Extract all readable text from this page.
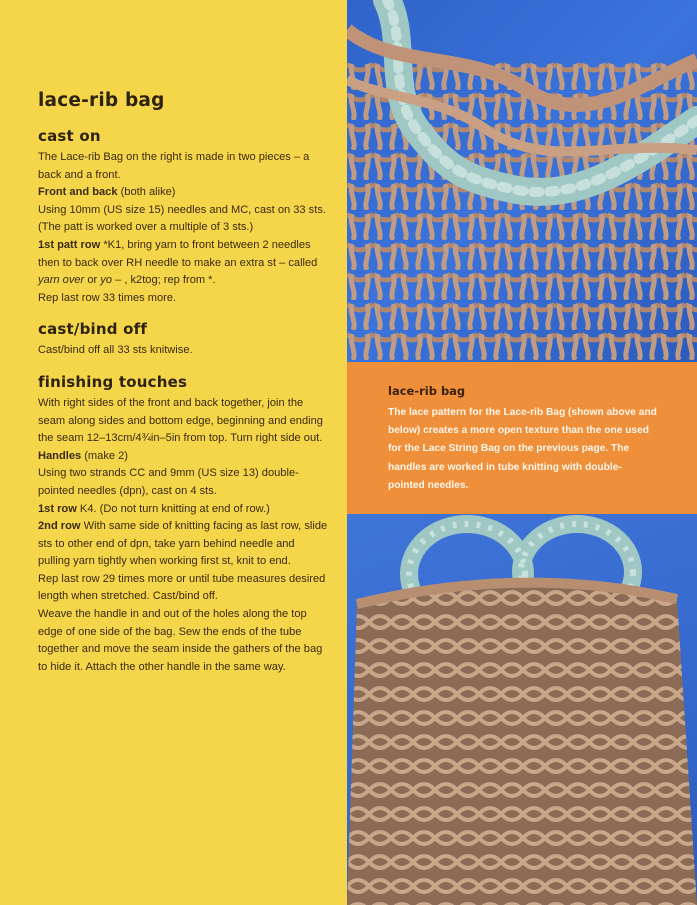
lace-rib bag
cast on

The Lace-rib Bag on the right is made in two pieces – a back and a front.

Front and back (both alike)

Using 10mm (US size 15) needles and MC, cast on 33 sts. (The patt is worked over a multiple of 3 sts.)

1st patt row *K1, bring yarn to front between 2 needles then to back over RH needle to make an extra st – called yarn over or yo – , k2tog; rep from *.

Rep last row 33 times more.

cast/bind off

Cast/bind off all 33 sts knitwise.

finishing touches

With right sides of the front and back together, join the seam along sides and bottom edge, beginning and ending the seam 12–13cm/4¾in–5in from top. Turn right side out.

Handles (make 2)

Using two strands CC and 9mm (US size 13) double-pointed needles (dpn), cast on 4 sts.

1st row K4. (Do not turn knitting at end of row.)

2nd row With same side of knitting facing as last row, slide sts to other end of dpn, take yarn behind needle and pulling yarn tightly when working first st, knit to end.

Rep last row 29 times more or until tube measures desired length when stretched. Cast/bind off.

Weave the handle in and out of the holes along the top edge of one side of the bag. Sew the ends of the tube together and move the seam inside the gathers of the bag to hide it. Attach the other handle in the same way.

lace-rib bag

The lace pattern for the Lace-rib Bag (shown above and below) creates a more open texture than the one used for the Lace String Bag on the previous page. The handles are worked in tube knitting with double-pointed needles.
